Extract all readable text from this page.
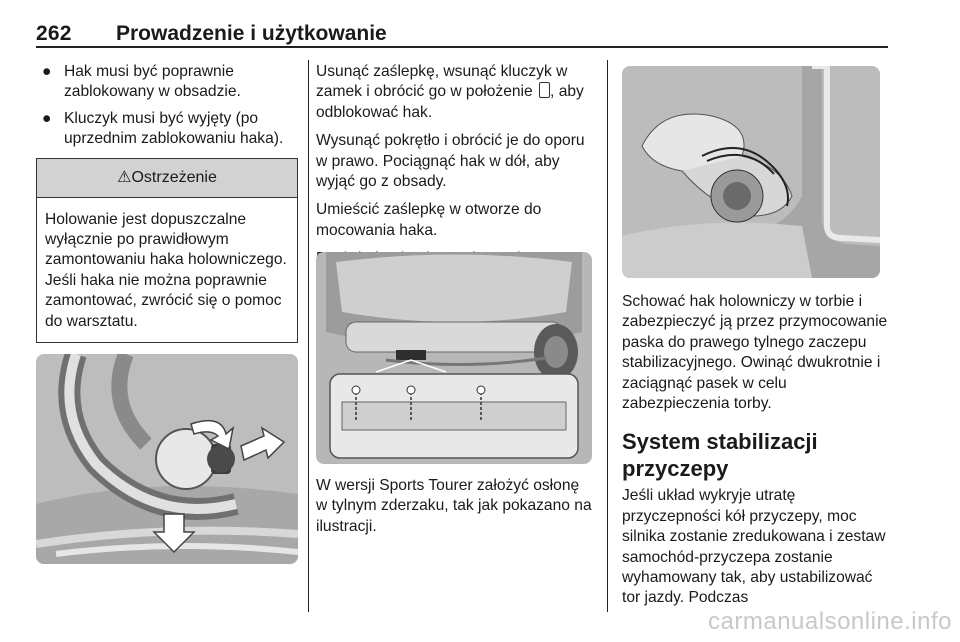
262 Prowadzenie i użytkowanie
● Hak musi być poprawnie zablokowany w obsadzie.
● Kluczyk musi być wyjęty (po uprzednim zablokowaniu haka).
⚠Ostrzeżenie
Holowanie jest dopuszczalne wyłącznie po prawidłowym zamontowaniu haka holowniczego. Jeśli haka nie można poprawnie zamontować, zwrócić się o pomoc do warsztatu.

Usunąć zaślepkę, wsunąć kluczyk w zamek i obrócić go w położenie , aby odblokować hak.

Wysunąć pokrętło i obrócić je do oporu w prawo. Pociągnąć hak w dół, aby wyjąć go z obsady.

Umieścić zaślepkę w otworze do mocowania haka.

W wersji Sports Tourer założyć osłonę w tylnym zderzaku, tak jak pokazano na ilustracji.

Schować hak holowniczy w torbie i zabezpieczyć ją przez przymocowanie paska do prawego tylnego zaczepu stabilizacyjnego. Owinąć dwukrotnie i zaciągnąć pasek w celu zabezpieczenia torby.

System stabilizacji przyczepy

Jeśli układ wykryje utratę przyczepności kół przyczepy, moc silnika zostanie zredukowana i zestaw samochód-przyczepa zostanie wyhamowany tak, aby ustabilizować tor jazdy. Podczas

carmanualsonline.info
